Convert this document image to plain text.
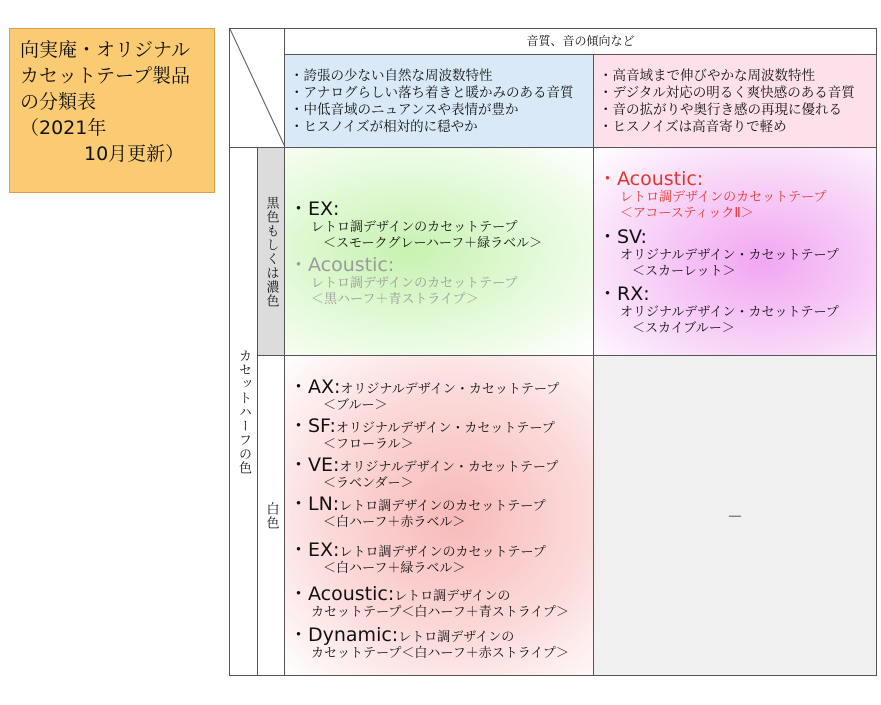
向実庵・オリジナル
カセットテープ製品
の分類表
（2021年
10月更新）
音質、音の傾向など
・誇張の少ない自然な周波数特性
・アナログらしい落ち着きと暖かみのある音質
・中低音域のニュアンスや表情が豊か
・ヒスノイズが相対的に穏やか
・高音域まで伸びやかな周波数特性
・デジタル対応の明るく爽快感のある音質
・音の拡がりや奥行き感の再現に優れる
・ヒスノイズは高音寄りで軽め
カセットハーフの色
黒色もしくは濃色
白色
・EX:
レトロ調デザインのカセットテープ
＜スモークグレーハーフ＋緑ラベル＞
・Acoustic:
レトロ調デザインのカセットテープ
＜黒ハーフ＋青ストライプ＞
・Acoustic:
レトロ調デザインのカセットテープ
＜アコースティックⅡ＞
・SV:
オリジナルデザイン・カセットテープ
＜スカーレット＞
・RX:
オリジナルデザイン・カセットテープ
＜スカイブルー＞
・AX:オリジナルデザイン・カセットテープ
＜ブルー＞
・SF:オリジナルデザイン・カセットテープ
＜フローラル＞
・VE:オリジナルデザイン・カセットテープ
＜ラベンダー＞
・LN:レトロ調デザインのカセットテープ
＜白ハーフ＋赤ラベル＞
・EX:レトロ調デザインのカセットテープ
＜白ハーフ＋緑ラベル＞
・Acoustic:レトロ調デザインの
カセットテープ＜白ハーフ＋青ストライプ＞
・Dynamic:レトロ調デザインの
カセットテープ＜白ハーフ＋赤ストライプ＞
－
